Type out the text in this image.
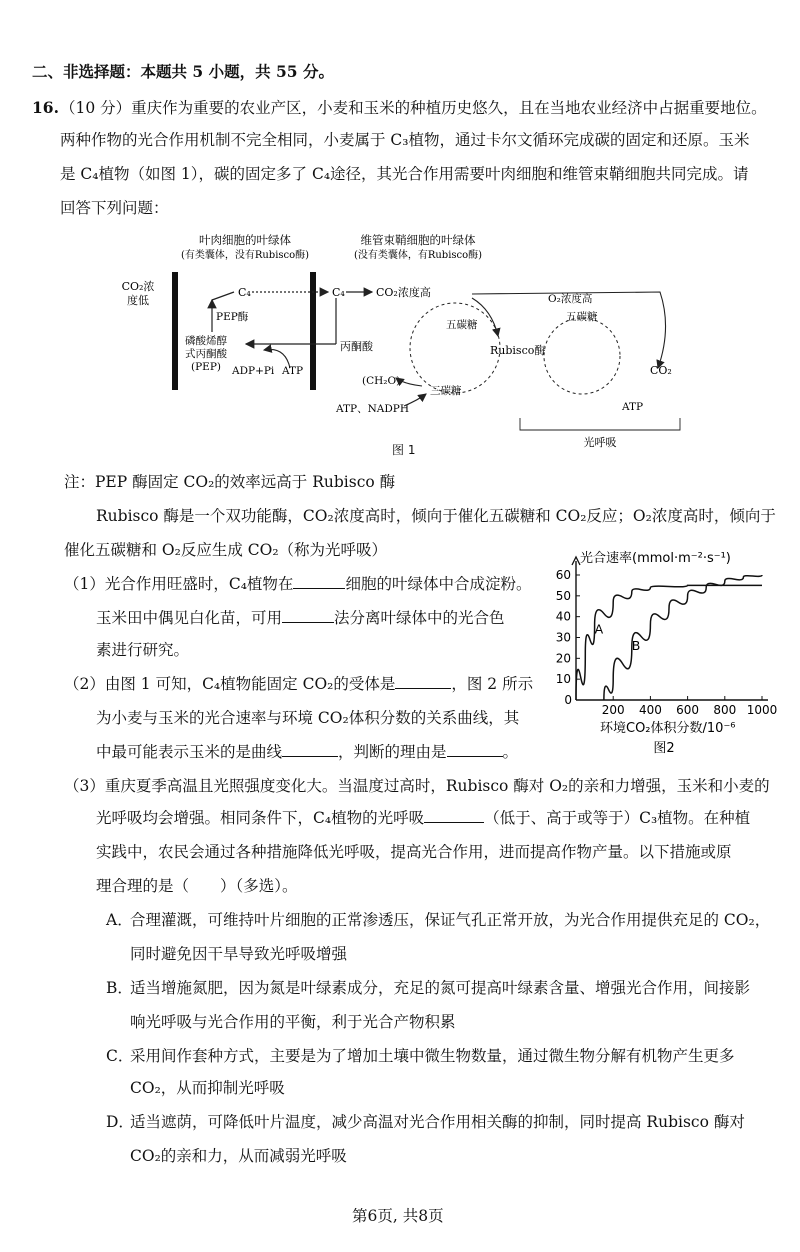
二、非选择题：本题共 5 小题，共 55 分。
16. （10 分）重庆作为重要的农业产区，小麦和玉米的种植历史悠久，且在当地农业经济中占据重要地位。
两种作物的光合作用机制不完全相同，小麦属于 C₃植物，通过卡尔文循环完成碳的固定和还原。玉米
是 C₄植物（如图 1），碳的固定多了 C₄途径，其光合作用需要叶肉细胞和维管束鞘细胞共同完成。请
回答下列问题：
叶肉细胞的叶绿体
(有类囊体，没有Rubisco酶)
维管束鞘细胞的叶绿体
(没有类囊体，有Rubisco酶)
CO₂浓
度低
C₄	C₄	CO₂浓度高
PEP酶
磷酸烯醇
式丙酮酸
(PEP)
丙酮酸
ADP+Pi ATP
五碳糖
Rubisco酶
三碳糖
(CH₂O)
ATP、NADPH
O₂浓度高
五碳糖
CO₂
ATP
光呼吸
图 1
注：PEP 酶固定 CO₂的效率远高于 Rubisco 酶
Rubisco 酶是一个双功能酶，CO₂浓度高时，倾向于催化五碳糖和 CO₂反应；O₂浓度高时，倾向于
催化五碳糖和 O₂反应生成 CO₂（称为光呼吸）
（1）光合作用旺盛时，C₄植物在	细胞的叶绿体中合成淀粉。
玉米田中偶见白化苗，可用	法分离叶绿体中的光合色
素进行研究。
（2）由图 1 可知，C₄植物能固定 CO₂的受体是	，图 2 所示
为小麦与玉米的光合速率与环境 CO₂体积分数的关系曲线，其
中最可能表示玉米的是曲线	，判断的理由是	。
光合速率(mmol·m⁻²·s⁻¹)
0
10
20
30
40
50
60
200 400 600 800 1000
A
B
环境CO₂体积分数/10⁻⁶
图2
（3）重庆夏季高温且光照强度变化大。当温度过高时，Rubisco 酶对 O₂的亲和力增强，玉米和小麦的
光呼吸均会增强。相同条件下，C₄植物的光呼吸	（低于、高于或等于）C₃植物。在种植
实践中，农民会通过各种措施降低光呼吸，提高光合作用，进而提高作物产量。以下措施或原
理合理的是（　　）（多选）。
A．
合理灌溉，可维持叶片细胞的正常渗透压，保证气孔正常开放，为光合作用提供充足的 CO₂，
同时避免因干旱导致光呼吸增强
B．
适当增施氮肥，因为氮是叶绿素成分，充足的氮可提高叶绿素含量、增强光合作用，间接影
响光呼吸与光合作用的平衡，利于光合产物积累
C．
采用间作套种方式，主要是为了增加土壤中微生物数量，通过微生物分解有机物产生更多
CO₂，从而抑制光呼吸
D．
适当遮荫，可降低叶片温度，减少高温对光合作用相关酶的抑制，同时提高 Rubisco 酶对
CO₂的亲和力，从而减弱光呼吸
第6页, 共8页
